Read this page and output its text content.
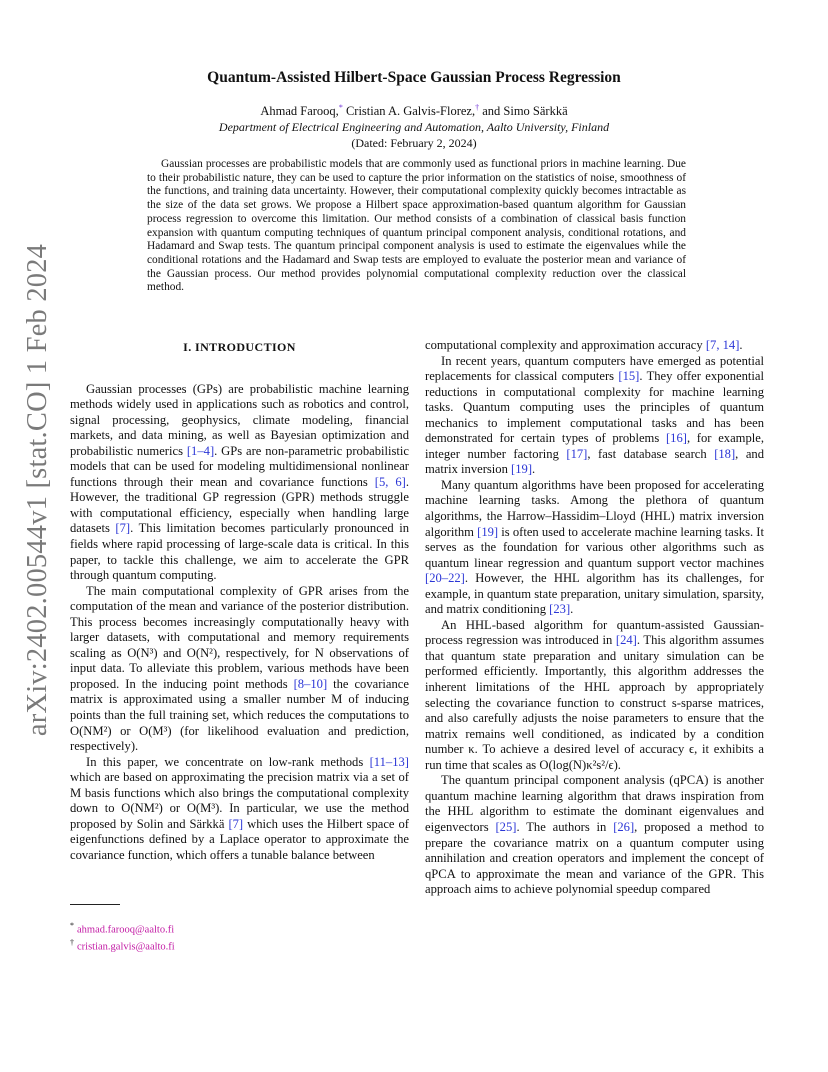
arXiv:2402.00544v1 [stat.CO] 1 Feb 2024
Quantum-Assisted Hilbert-Space Gaussian Process Regression
Ahmad Farooq,* Cristian A. Galvis-Florez,† and Simo Särkkä
Department of Electrical Engineering and Automation, Aalto University, Finland
(Dated: February 2, 2024)
Gaussian processes are probabilistic models that are commonly used as functional priors in machine learning. Due to their probabilistic nature, they can be used to capture the prior information on the statistics of noise, smoothness of the functions, and training data uncertainty. However, their computational complexity quickly becomes intractable as the size of the data set grows. We propose a Hilbert space approximation-based quantum algorithm for Gaussian process regression to overcome this limitation. Our method consists of a combination of classical basis function expansion with quantum computing techniques of quantum principal component analysis, conditional rotations, and Hadamard and Swap tests. The quantum principal component analysis is used to estimate the eigenvalues while the conditional rotations and the Hadamard and Swap tests are employed to evaluate the posterior mean and variance of the Gaussian process. Our method provides polynomial computational complexity reduction over the classical method.
I. INTRODUCTION

Gaussian processes (GPs) are probabilistic machine learning methods widely used in applications such as robotics and control, signal processing, geophysics, climate modeling, financial markets, and data mining, as well as Bayesian optimization and probabilistic numerics [1–4]. GPs are non-parametric probabilistic models that can be used for modeling multidimensional nonlinear functions through their mean and covariance functions [5, 6]. However, the traditional GP regression (GPR) methods struggle with computational efficiency, especially when handling large datasets [7]. This limitation becomes particularly pronounced in fields where rapid processing of large-scale data is critical. In this paper, to tackle this challenge, we aim to accelerate the GPR through quantum computing.

The main computational complexity of GPR arises from the computation of the mean and variance of the posterior distribution. This process becomes increasingly computationally heavy with larger datasets, with computational and memory requirements scaling as O(N³) and O(N²), respectively, for N observations of input data. To alleviate this problem, various methods have been proposed. In the inducing point methods [8–10] the covariance matrix is approximated using a smaller number M of inducing points than the full training set, which reduces the computations to O(NM²) or O(M³) (for likelihood evaluation and prediction, respectively).

In this paper, we concentrate on low-rank methods [11–13] which are based on approximating the precision matrix via a set of M basis functions which also brings the computational complexity down to O(NM²) or O(M³). In particular, we use the method proposed by Solin and Särkkä [7] which uses the Hilbert space of eigenfunctions defined by a Laplace operator to approximate the covariance function, which offers a tunable balance between

* ahmad.farooq@aalto.fi
† cristian.galvis@aalto.fi

computational complexity and approximation accuracy [7, 14].

In recent years, quantum computers have emerged as potential replacements for classical computers [15]. They offer exponential reductions in computational complexity for machine learning tasks. Quantum computing uses the principles of quantum mechanics to implement computational tasks and has been demonstrated for certain types of problems [16], for example, integer number factoring [17], fast database search [18], and matrix inversion [19].

Many quantum algorithms have been proposed for accelerating machine learning tasks. Among the plethora of quantum algorithms, the Harrow–Hassidim–Lloyd (HHL) matrix inversion algorithm [19] is often used to accelerate machine learning tasks. It serves as the foundation for various other algorithms such as quantum linear regression and quantum support vector machines [20–22]. However, the HHL algorithm has its challenges, for example, in quantum state preparation, unitary simulation, sparsity, and matrix conditioning [23].

An HHL-based algorithm for quantum-assisted Gaussian-process regression was introduced in [24]. This algorithm assumes that quantum state preparation and unitary simulation can be performed efficiently. Importantly, this algorithm addresses the inherent limitations of the HHL approach by appropriately selecting the covariance function to construct s-sparse matrices, and also carefully adjusts the noise parameters to ensure that the matrix remains well conditioned, as indicated by a condition number κ. To achieve a desired level of accuracy ϵ, it exhibits a run time that scales as O(log(N)κ²s²/ϵ).

The quantum principal component analysis (qPCA) is another quantum machine learning algorithm that draws inspiration from the HHL algorithm to estimate the dominant eigenvalues and eigenvectors [25]. The authors in [26], proposed a method to prepare the covariance matrix on a quantum computer using annihilation and creation operators and implement the concept of qPCA to approximate the mean and variance of the GPR. This approach aims to achieve polynomial speedup compared
